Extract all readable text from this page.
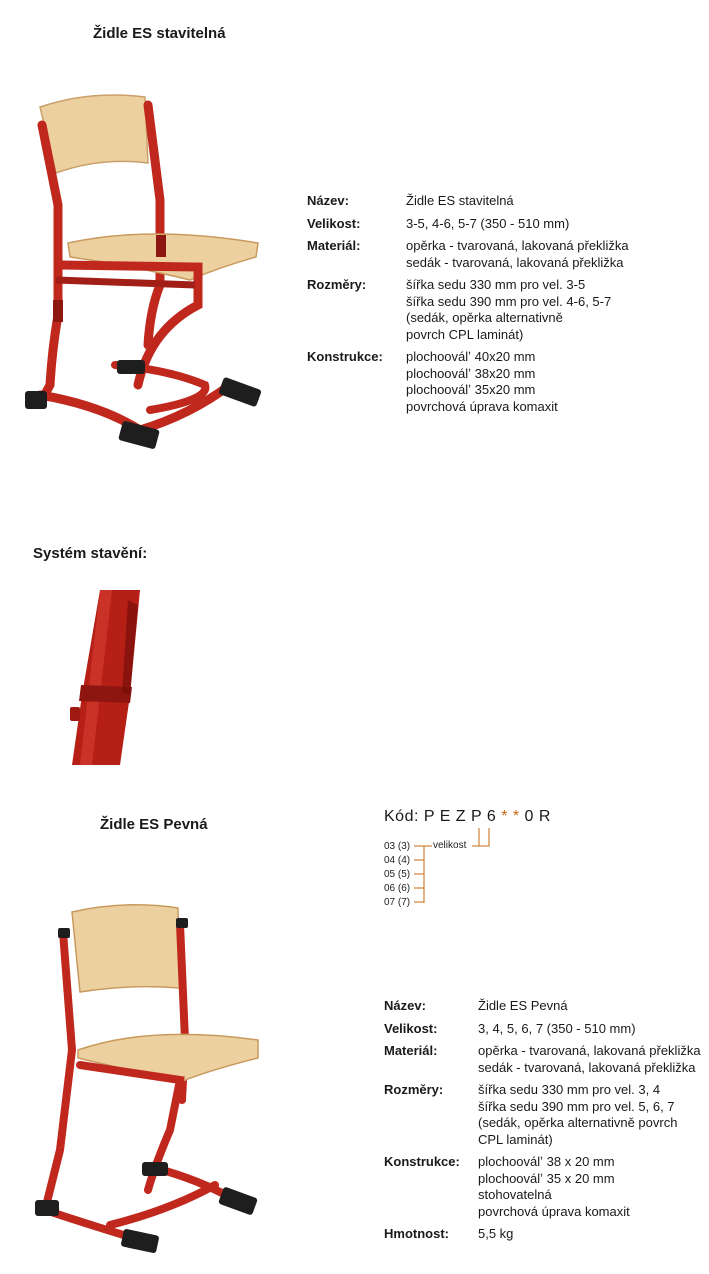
Židle ES stavitelná
Název:	Židle ES stavitelná
Velikost:	3-5, 4-6, 5-7 (350 - 510 mm)
Materiál:	opěrka - tvarovaná, lakovaná překližka
sedák - tvarovaná, lakovaná překližka
Rozměry:	šířka sedu 330 mm pro vel. 3-5
šířka sedu 390 mm pro vel. 4-6, 5-7
(sedák, opěrka alternativně
povrch CPL laminát)
Konstrukce:	plochooválʼ 40x20 mm
plochooválʼ 38x20 mm
plochooválʼ 35x20 mm
povrchová úprava komaxit
Systém stavění:
Kód: P E Z P 6 * * 0 R
velikost
03 (3)
04 (4)
05 (5)
06 (6)
07 (7)
Židle ES Pevná
Název:	Židle ES Pevná
Velikost:	3, 4, 5, 6, 7 (350 - 510 mm)
Materiál:	opěrka - tvarovaná, lakovaná překližka
sedák - tvarovaná, lakovaná překližka
Rozměry:	šířka sedu 330 mm pro vel. 3, 4
šířka sedu 390 mm pro vel. 5, 6, 7
(sedák, opěrka alternativně povrch
CPL laminát)
Konstrukce:	plochooválʼ 38 x 20 mm
plochooválʼ 35 x 20 mm
stohovatelná
povrchová úprava komaxit
Hmotnost:	5,5 kg
